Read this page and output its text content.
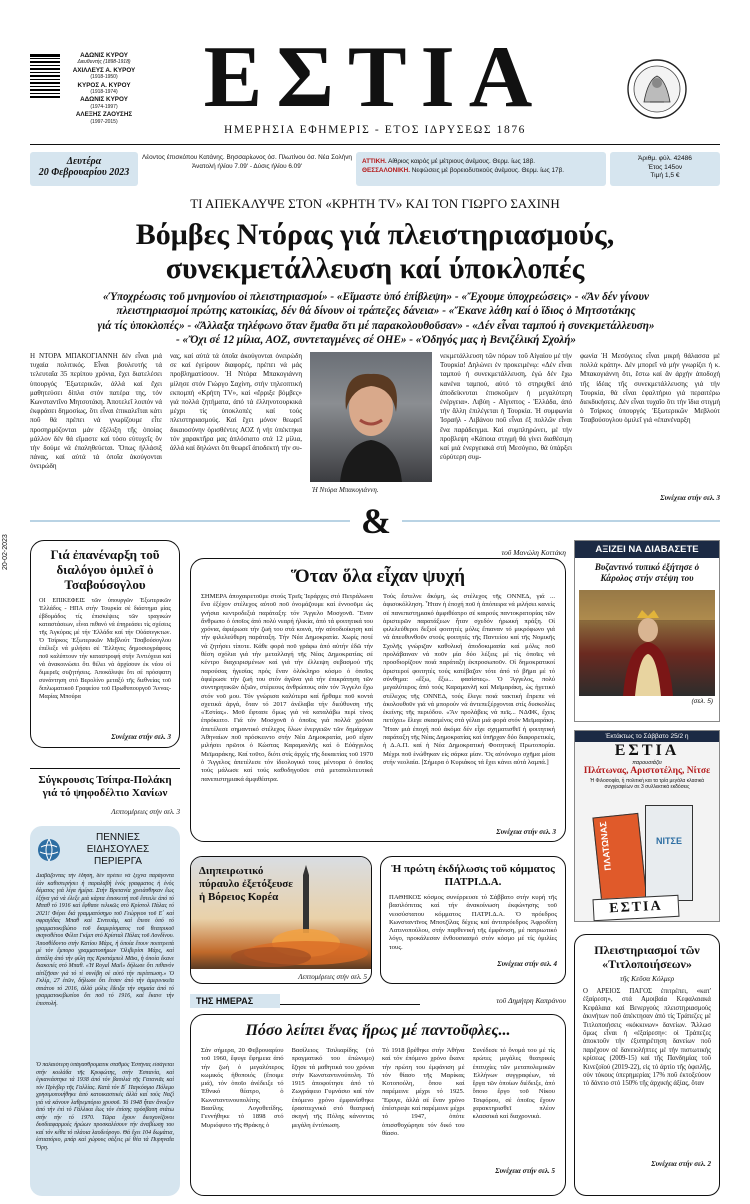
ΑΔΩΝΙΣ ΚΥΡΟΥ
Διευθυντής (1898-1918)
ΑΧΙΛΛΕΥΣ Α. ΚΥΡΟΥ
(1918-1950)
ΚΥΡΟΣ Α. ΚΥΡΟΥ
(1918-1974)
ΑΔΩΝΙΣ ΚΥΡΟΥ
(1974-1997)
ΑΛΕΞΗΣ ΖΑΟΥΣΗΣ
(1997-2015) ΕΣΤΙΑ
ΗΜΕΡΗΣΙΑ ΕΦΗΜΕΡΙΣ - ΕΤΟΣ ΙΔΡΥΣΕΩΣ 1876
Δευτέρα
20 Φεβρουαρίου 2023
Λέοντος έπισκόπου Κατάνης. Βησσαρίωνος όσ. Πλωτίνου όσ. Νέα Σολήνη
Άνατολή ήλίου 7.09' - Δύσις ήλίου 6.09'
ΑΤΤΙΚΗ. Αίθριος καιρός μέ μέτριους άνέμους. Θερμ. ίως 18β.
ΘΕΣΣΑΛΟΝΙΚΗ. Νεφώσεις μέ βορειοδυτικούς άνέμους. Θερμ. ίως 17β.
Άριθμ. φύλ. 42486
Έτος 145ον
Τιμή 1,5 €
ΤΙ ΑΠΕΚΑΛΥΨΕ ΣΤΟΝ «ΚΡΗΤΗ TV» ΚΑΙ ΤΟΝ ΓΙΩΡΓΟ ΣΑΧΙΝΗ
Βόμβες Ντόρας γιά πλειστηριασμούς,
συνεκμετάλλευση καί ύποκλοπές
«Ύποχρέωσις τοῦ μνημονίου οἱ πλειστηριασμοί» - «Εἴμαστε ὑπό ἐπίβλεψη» - «Ἔχουμε ὑποχρεώσεις» - «Ἄν δέν γίνουν
πλειστηριασμοί πρώτης κατοικίας, δέν θά δίνουν οἱ τράπεζες δάνεια» - «Ἔκανε λάθη καί ὁ ἴδιος ὁ Μητσοτάκης
γιά τίς ὑποκλοπές» - «Ἄλλαξα τηλέφωνο ὅταν ἔμαθα ὅτι μέ παρακολουθοῦσαν» - «Δέν εἶναι ταμπού ἡ συνεκμετάλλευση»
- «Ὄχι σέ 12 μίλια, ΑΟΖ, συντεταγμένες σέ ΟΗΕ» - «Ὁδηγός μας ἡ Βενιζέλική Σχολή»
Η ΝΤΟΡΑ ΜΠΑΚΟΓΙΑΝΝΗ δέν εἶναι μιά τυχαία πολιτικός. Εἶναι βουλευτής τά τελευταῖα 35 περίπου χρόνια, ἔχει διατελέσει ὑπουργός Ἐξωτερικῶν, ἀλλά καί ἔχει μαθητεύσει δίπλα στόν πατέρα της, τόν Κωνσταντῖνο Μητσοτάκη. Ἀποτελεῖ λοιπόν νά ἐκφράσει δημοσίως, ὅτι εἶναι ἐπικαλεῖται κάτι ποῦ θά πρέπει νά γνωρίζουμε εἶτε προσηρμόζονται μάν ἐξέλιξη τῆς ὁποίας μάλλον δέν θά εἴμαστε καί τόσο εὐτυχεῖς ὅν τὴν δούμε νά ἐπαληθεύεται. Ὄπως ἠλλάσιξ πάνας, καί αὐτά τά ὁποῖα ἀκούγονται ὀνειρώδη
νας, καί αὐτά τά ὁποῖα ἀκούγονται ὀνειρώδη σε καί ἐγείρουν διαφορές, πρέπει νά μάς προβληματίσουν. Ἡ Ντόρα Μπακογιάννη μίλησε στόν Γιώργο Σαχίνη, στήν τηλεοπτική εκπομπή «Κρήτη TV», καί «ἔρριξε βόμβες» γιά πολλά ζητήματα, ἀπό τά ἐλληνοτουρκικά μέχρι τίς ὑποκλοπές καί τούς πλειστηριασμούς. Καί ἔχει μόνον θεωρεῖ δικαιοσύνην ὁρισθέντες ΑΟΖ ἡ νήτ ὑπέκτηκα τόν χαρακτῆρα μας ἀπλόσιατο στά 12 μίλια, ἀλλά καί δηλώνει ὅτι θεωρεῖ ἀποδεκτή τήν συ-
Ἡ Ντόρα Μπακογιάννη.
νεκμετάλλευση τῶν πόρων τοῦ Αἰγαίου μέ τήν Τουρκία! Δηλώνει ἐν προκειμένῳ: «Δέν εἶναι ταμπού ἡ συνεκμετάλλευση, ἐγώ δέν ἔχω κανένα ταμπού, αὐτό τό στηριχθεί ἀπό ἀποδείκνυται ἐπισκοῦμεν ἡ μεγαλύτερη ἐνέργεια». Λιβύη - Αἴγυπτος - Ἑλλάδα, ἀπό τήν ἄλλη ἐπιλέγεται ἡ Τουρκία. Ἡ συμφωνία Ἰσραήλ - Λιβάνου ποῦ εἶναι ἐξ πολλῶν εἶναι ἕνα παράδειγμα. Καί συμπληρώνει, μέ τήν προβλεψη «Κάποια στιγμή θά γίνει διαθέσιμη καί μιά ἐνεργειακά στή Μεσόγειο, θά ὑπάρξει εὐρύτερη συμ-
φωνία Ἡ Μεσόγειος εἶναι μικρή θάλασσα μέ πολλά κράτη». Δέν μπορεῖ νά μήν γνωρίζει ἡ κ. Μπακογιάννη ὅτι, ἔστω καί ἄν ἀρχήν ἀποδοχή τῆς ἰδέας τῆς συνεκμετάλλευσης γιά τήν Τουρκία, θά εἶναι ἐφαλτήριο γιά περαιτέρω διεκδικήσεις. Δέν εἶναι τυχαῖο ὅτι τήν ἴδια στιγμή ὁ Τσίρκος ὑπουργός Ἐξωτερικῶν Μεβλούτ Τσαβούσογλου ὁμιλεῖ γιά «ἐπανέναρξη
Συνέχεια στήν σελ. 3
&
20-02-2023	Γιά ἐπανέναρξη τοῦ διαλόγου ὁμιλεῖ ὁ Τσαβούσογλου
ΟΙ ΕΠΙΚΕΦΕΙΣ τῶν ὑπουργῶν Ἐξωτερικῶν Ἑλλάδος - ΗΠΑ στήν Τουρκία σέ διάστημα μίας ἑβδομάδος τίς ἐπισκέψεις τῶν τραγικών καταστάσεων, εἶναι πιθανό νά ἐπηρεάσει τίς σχέσεις τῆς Ἀγκύρας μέ τήν Ἑλλάδα καί τήν Οὐάσινγκτων. Ὁ Τσίρκος Ἐξωτερικῶν Μεβλούτ Τσαβούσογλου ἐπέλεξε νά μιλήσει σέ Ἕλληνες δημοσιογράφους ποῦ καλύπτουν τήν καταστροφή στήν Ἀντιόχεια καί νά ἀνακοινώσει ὅτι θέλει νά ἀρχίσουν ἐκ νέου οἱ διμερεῖς συζητήσεις. Ἀποκάλυψε ὅτι σέ πρόσφατη συνάντηση στό Βερολίνο μεταξύ τῆς διεθνείας τοῦ διπλωματικοῦ Γραφείου τοῦ Πρωθυπουργοῦ Ἄννας-Μαρίας Μπούρα
Συνέχεια στήν σελ. 3
Σύγκρουσις Τσίπρα-Πολάκη γιά τό ψηφοδέλτιο Χανίων
Λεπτομέρειες στήν σελ. 3
ΠΕΝΝΙΕΣ ΕΙΔΗΣΟΥΛΕΣ ΠΕΡΙΕΡΓΑ
Διαβάζοντας τήν ἔδηση, δέν πρέπει νά ξεχνα παράγοντα ἐάν καθιστερήσει ἡ παραλαβή ἑνός γραφματος ἡ ἐνός δέματος γιά λίγα ἡμέρα. Στήν Βρετανία χρειάσθηκαν ἕως ἑξήνα γιά νά ἐλεξε μιά κάρτα ἐπισκειτή ποῦ ἔστειλε ἀπό τό Μπαθ τό 1916 καί ἔφθασε τελικῶς στό Κρίστολ Πάλας τό 2021! Φέρει διά γραμματόσημο τοῦ Γεώργιου τοῦ Ε΄ καί σφραγίδας Μπαθ καί Σιντευάμ, καί ἔπεσε ὁπό τό γραμματοκιβώτιο τοῦ διαμερίσματος τοῦ θεατρικοῦ σκηνοθέτου Φίλιπ Γκίμπ στό Κρίσταλ Πάλας τοῦ Λονδίνου. Ἀποσθίδοντο στήν Κατίου Μάρς, ἡ ὁποία ἔτουν ποιπτρεπά μέ τόν ἔμπορο γραμματοσήμων Ὁλιβερίσι Μάρς, καί ἀπτάλη ἀπό τήν φίλη της Κριστάμπελ Μᾶκι, ἡ ὁποία ἔκανε διακοπές στό Μπαθ. «Ἡ Royal Mail» δήλωσε ὅτι πιθανόν αἰτίξῆσαν γιά τό τί συνέβη σέ αὐτό τήν περίπτωση.» Ὁ Γκλίμ, 27 ἐτῶν, δήλωσε ὅτι ἔτσαν ἀπό τήν ἀμερινικεῖα σπιάτου τό 2016, ἀλλά μόλις ἔδειξα τήν σημαία ἀπό τό γραμματοκιβωτίου ὅτι ποῦ τό 1916, καί ἔκανε τήν ἐπιστολή.
Ὁ παλαιότερη ὑπάγασθροματικ σταθμός Ἐστήνας εἰσάγεται στήν κοιλάδα τῆς Κρυφώτης, στήν Ἑσπανία, καί ἐγκανιάστηκε τά 1938 ἀπό τόν βασιλιά τῆς Γατανιᾶς καί τόν Πρίνβερ τῆς Γαλλίας. Κατά τόν Β΄ Παγκόσμιο Πόλεμο χρησιμοποιήθηκε ἀπό κατοικαστικές ἀλλά καί τούς Ναζί γιά νά κάνουν λαθρεμπόριο χρυσοῦ. Τό 1948 ἦταν ἄνοιξεν ἀπό τήν ἐπὶ τό Γάλλικα ἔως τόν ἐπίσης πρόσβαση στάτω στήν τήν τό 1970. Τῶρα ἔχουν διευχονίζονοι δυσδιαφαρμοές ἡρώων προσκαλέσουν τήν ἀναβίωσῃ του καί τόν κέθα τό πλάοια λαοδεόρογο. Θά ἔχει 104 δωμάτια, ἑστιατόριο, μπάρ καί χώρους σάξεις μέ θέα τά Πυρηναΐα Ὄρη.
τοῦ Μανώλη Κοττάκη
Ὅταν ὅλα εἶχαν ψυχή
ΣΗΜΕΡΑ ἀποχαιρετοῦμε στούς Τρεῖς Ἱεράρχες στό Πετράλωνα ἕνα ἐξέχον στέλεχος αὐτοῦ ποῦ ὀνομάζουμε καί ἐννοοῦμε ὡς γνήσια κεντροδεξιά παράταξη: τόν Ἄγγελο Μοσχονᾶ. Ἕναν ἄνθρωπο ὁ ὁποῖος ἀπό πολύ νεαρή ἡλικία, ἀπό τά φοιτητικά του χρόνια, ἀφιέρωσε τήν ζωή του στά κοινά, τήν αὐτοδιοίκηση καί τήν φιλελεύθερη παράταξη. Τήν Νέα Δημοκρατία. Χωρίς ποτέ νά ζητήσει τίποτε. Κάθε φορά ποῦ γράφω ἀπό αὐτήν ἐδῶ τήν θέση σχόλια γιά τήν μεταλλαγή τῆς Νέας Δημοκρατίας σέ κέντρο διαχειρισμένων καί γιά τήν ἐλλειψη σεβασμού τῆς παρούσας ἡγεσίας πρός ἕναν ὁλόκληρο κόσμο ὁ ὁποῖος ἀφιέρωσε τήν ζωή του στόν ἀγῶνα γιά τήν ἐπικράτηση τῶν συντηρητικῶν ἀξιῶν, στέρεους ἀνθρώπους σάν τόν Ἄγγελο ἔχω στόν νοῦ μου. Τόν γνώρισα καλύτερα καί ἤρθαμε ποῦ κοντά σχετικά ἀργά, ὅταν τό 2017 ἀνέλαβα τήν διεύθυνση τῆς «Ἑστίας». Μοῦ ἔφτασε ὅμως γιά νά καταλάβω περί τίνος ἐπρόκειτο. Γιά τόν Μοσχονᾶ ὁ ὁποῖος γιά πολλά χρόνια ἀπετέλεσε σημαντικό στέλεχος ὅλων ἐνεργειῶν τῶν δημάρχων Ἀθηναίων ποῦ πρόσκειντο στήν Νέα Δημοκρατία, μοῦ εἶχαν μιλήσει πρῶτοι ὁ Κώστας Καραμανλῆς καί ὁ Εὐάγγελος Μεϊμαράκης. Καί τοῦτο, διότι στίς ἀρχές τῆς δεκαετίας τοῦ 1970 ὁ Ἄγγελος ἀπετέλεσε τόν ἰδεολογικό τους μέντορα ὁ ὁποῖος τούς μάλωσε καί τούς καθοδηγοῦσε στά μεταπολιτευτικά πανεπιστημιακά ἀμφιθέατρα.
Τούς ἔστελνε ἄκόμη, ὡς στέλεχος τῆς ΟΝΝΕΔ, γιά ... ἀφισοκόλληση. Ἦταν ἡ ἐποχή ποῦ ἡ ἀπόπειρα νά μιλήσει κανείς σέ πανεπιστημιακό ἀμφιθέατρο σέ καιρούς παντοκρατορίας τῶν ἀριστερῶν παρατάξεων ἦταν σχεδόν ἡρωική πράξη. Οἱ φιλελεύθεροι δεξιοί φοιτητές μόλις ἔπιαναν τό μικρόφωνο γιά νά ἀπευθυνθοῦν στούς φοιτητές τῆς Παντείου καί τῆς Νομικῆς Σχολῆς γνώριζαν καθολική ἀποδοκιμασία καί μόλις ποῦ προλάβαιναν νά ποῦν μία δύο λέξεις μέ τίς ὁποῖες νά προσδιορίζουν ποιά παράταξη ἐκπροσωποῦν. Οἱ δημοκρατικοί ἀριστεροί φοιτητές τούς κατέβαζαν τότε ἀπό τό βῆμα μέ τό σύνθημα: «ἔξω, ἔξω... φασίστες». Ὁ Ἄγγελος, πολύ μεγαλύτερος ἀπό τούς Καραμανλῆ καί Μεϊμαράκη, ὡς ἡγετικό στέλεχος τῆς ΟΝΝΕΔ, τούς ἔλεγε ποιά τακτική ἔπρεπε νά ἀκολουθοῦν γιά νά μπορούν νά ἀντεπεξέρχονται στίς δυσκολίες ἐκείνης τῆς περιόδου. «Ἄν προλάβεις νά πεῖς... ΝΔΦΚ, ἔχεις πετύχει» ἔλεγε σκασμένος στά γέλια μιά φορά στόν Μεϊμαράκη. Ἦταν μιά ἐποχή πού ἀκόμα δέν εἶχε σχηματισθεῖ ἡ φοιτητική παράταξη τῆς Νέας Δημοκρατίας καί ὑπῆρχαν δύο διαφορετικές, ἡ Δ.Α.Π. καί ἡ Νέα Δημοκρατική Φοιτητική Πρωτοπορία. Μέχρι ποῦ ἑνώθηκαν εἰς σάρκα μίαν. Ὅς αὐτόνομο σχῆμα μέσα στήν νεολαία. [Σήμερα ὁ Κυριάκος τά ἔχει κάνει αὐτά λαμπά.]
Συνέχεια στήν σελ. 3
ΑΞΙΖΕΙ ΝΑ ΔΙΑΒΑΣΕΤΕ
Βυζαντινό τυπικό ἐξήτησε ὁ Κάρολος στήν στέψη του
(σελ. 5)
Ἐκτάκτως το Σάββατο 25/2 η
ΕΣΤΙΑ
παρουσιάζει
Πλάτωνας, Αριστοτέλης, Νίτσε
Ἡ Φιλοσοφία, ἡ πολιτική και τα τρία μεγάλα κλασικά συγγραφέων σε 3 συλλεκτικά εκδόσεις
ΠΛΑΤΩΝΑΣ	ΝΙΤΣΕ
ΕΣΤΙΑ
Πλειστηριασμοί τῶν «Τιτλοποιήσεων»
τῆς Κεῦσα Κόλμερ
Ο ΑΡΕΙΟΣ ΠΑΓΟΣ ἐπιτρέπει, «κατ' ἐξαίρεση», στά Αμοιβαία Κεφαλαιακά Κεφάλαια καί Βενεργούς πλειστηριασμούς ἀκινήτων ποῦ ἀπέκτησαν ἀπό τίς Τράπεζες μέ Τιτλοποιήσεις «κόκκινων» δανείων. Ἄλλωσ ὅμως εἶναι ἡ «ἐξαίρεση»: οἱ Τράπεζες ἀποκτοῦν τήν ἐξυπηρέτηση δανείων ποῦ παρέχουν σέ δανειολήπτες μέ τήν πιστωτικής κρίσεως (2009-15) καί τῆς Πανδημίας τοῦ Κινεζοϊού (2019-22), εἰς τό ἀρτίο τῆς ὀφειλῆς, οὐν τόκους ὑπερημερίας 17% ποῦ ἐκτοξεύουν τό δάνειο στό 150% τῆς ἀρχικής ἀξίας, ὅταν
Συνέχεια στήν σελ. 2
Διηπειρωτικό πύραυλο ἐξετόξευσε ἡ Βόρειος Κορέα
Λεπτομέρειες στήν σελ. 5
Ἡ πρώτη ἐκδήλωσις τοῦ κόμματος ΠΑΤΡΙ.Δ.Α.
ΠΑΘΗΚΟΣ κόσμος συνέρρευσε τό Σάββατο στήν κυρή τῆς βασιλόπιτας καί τήν ἀνακοίνωση ἐκφώνησης τοῦ νεοσύστατου κόμματος ΠΑΤΡΙ.Δ.Α. Ὁ πρόεδρος Κωνσταντῖνος Μποτζίλας δέχεις καί ἀντιπρόεδρος Ἀφροδίτη Λατινοπούλου, στήν παρθενική τῆς ἐμφάνιση, μέ πατριωτικό λόγο, προκάλεσαν ἐνθουσιασμό στόν κόσμο μέ τίς ὁμιλίες τους.
Συνέχεια στήν σελ. 4
ΤΗΣ ΗΜΕΡΑΣ	τοῦ Δημήτρη Καπράνου
Πόσο λείπει ἕνας ἥρως μέ παντοῦφλες...
Σάν σήμερα, 20 Φεβρουαρίου τοῦ 1960, ἔφυγε ἔφημεια ἀπό τήν ζωή ὁ μεγαλύτερος κωμικός ἠθοποιός (ἔποιμε μιά), τόν ὁποῖο ἀνέδειξε τό Ἐθνικό θέατρο, ὁ Κωνσταντινουπολίτης Βασίλης Λογοθετίδης. Γεννήθηκε τό 1898 στό Μυριόφυτο τῆς Θράκης ὁ
Βασίλειος Τσιλιαρίδης (τό πραγματικό του ἐπώνυμο) ἔζησε τά μαθητικά του χρόνια στήν Κωνσταντινούπολη. Τό 1915 ἀποφοίτησε ἀπό τό Ζωγράφειο Γυμνάσιο καί τόν ἐπόμενο χρόνο ἐμφανίσθηκε ἐρασιτεχνικά στό θεατρική σκηνή τῆς Πόλης κάνοντας μεγάλη ἐντύπωση.
Τό 1918 βρέθηκε στήν Ἀθήνα καί τόν ἐπόμενο χρόνο ἔκανε τήν πρώτη του ἐμφάνιση μέ τόν θίασο τῆς Μαρίκας Κοτοπούλη, ὅπου καί παρέμεινε μέχρι τό 1925. Ἔφυγε, ἀλλά σέ ἕναν χρόνο ἐπέστρεψε καί παρέμεινε μέχρι τό 1947, ὁπότε ὀπισσθοχώρησε τόν δικό του θίασο.
Συνέδεσε τό ὄνομά του μέ τίς πρώτες μεγάλες θεατρικές ἐπιτυχίες τῶν μεταπολεμικῶν Ἑλλήνων συγγραφέων, τά ἔργα τῶν ὁποίων διέδειξε, ἀπό ὅποιο ἔργο τοῦ Νίκου Τσιφόρου, σέ ὁποῖος ἔχουν χαρακτηρισθεῖ πλέον κλασσικά καί διαχρονικά.
Συνέχεια στήν σελ. 5
